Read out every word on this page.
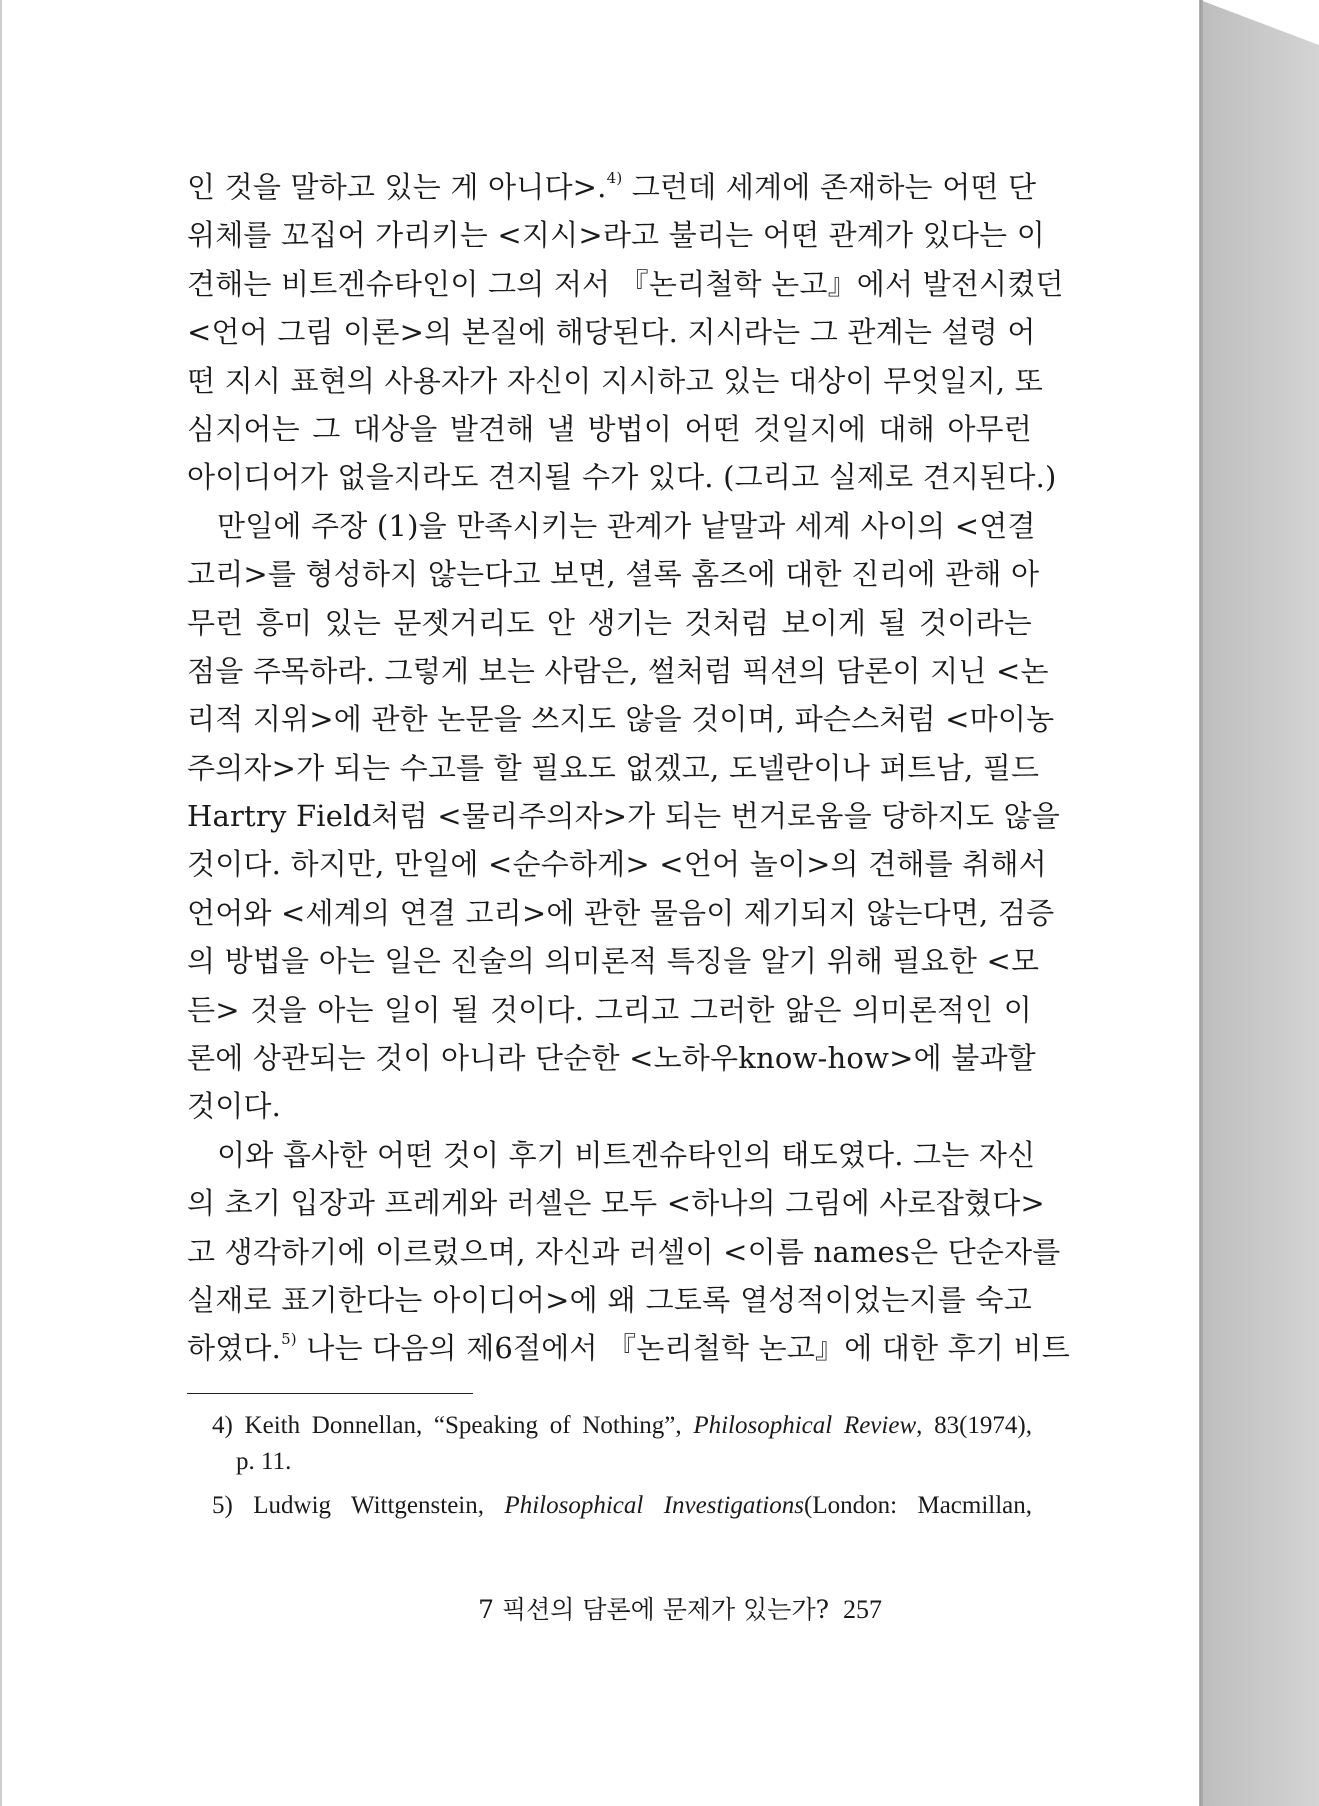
인 것을 말하고 있는 게 아니다>.$^{4)}$ 그런데 세계에 존재하는 어떤 단
위체를 꼬집어 가리키는 <지시>라고 불리는 어떤 관계가 있다는 이
견해는 비트겐슈타인이 그의 저서 『논리철학 논고』에서 발전시켰던
<언어 그림 이론>의 본질에 해당된다. 지시라는 그 관계는 설령 어
떤 지시 표현의 사용자가 자신이 지시하고 있는 대상이 무엇일지, 또
심지어는 그 대상을 발견해 낼 방법이 어떤 것일지에 대해 아무런
아이디어가 없을지라도 견지될 수가 있다. (그리고 실제로 견지된다.)
만일에 주장 (1)을 만족시키는 관계가 낱말과 세계 사이의 <연결
고리>를 형성하지 않는다고 보면, 셜록 홈즈에 대한 진리에 관해 아
무런 흥미 있는 문젯거리도 안 생기는 것처럼 보이게 될 것이라는
점을 주목하라. 그렇게 보는 사람은, 썰처럼 픽션의 담론이 지닌 <논
리적 지위>에 관한 논문을 쓰지도 않을 것이며, 파슨스처럼 <마이농
주의자>가 되는 수고를 할 필요도 없겠고, 도넬란이나 퍼트남, 필드
Hartry Field처럼 <물리주의자>가 되는 번거로움을 당하지도 않을
것이다. 하지만, 만일에 <순수하게> <언어 놀이>의 견해를 취해서
언어와 <세계의 연결 고리>에 관한 물음이 제기되지 않는다면, 검증
의 방법을 아는 일은 진술의 의미론적 특징을 알기 위해 필요한 <모
든> 것을 아는 일이 될 것이다. 그리고 그러한 앎은 의미론적인 이
론에 상관되는 것이 아니라 단순한 <노하우know-how>에 불과할
것이다.
이와 흡사한 어떤 것이 후기 비트겐슈타인의 태도였다. 그는 자신
의 초기 입장과 프레게와 러셀은 모두 <하나의 그림에 사로잡혔다>
고 생각하기에 이르렀으며, 자신과 러셀이 <이름 names은 단순자를
실재로 표기한다는 아이디어>에 왜 그토록 열성적이었는지를 숙고
하였다.$^{5)}$ 나는 다음의 제6절에서 『논리철학 논고』에 대한 후기 비트
4) Keith Donnellan, “Speaking of Nothing”, Philosophical Review, 83(1974),
p. 11.
5) Ludwig Wittgenstein, Philosophical Investigations(London: Macmillan,
7 픽션의 담론에 문제가 있는가? 257
